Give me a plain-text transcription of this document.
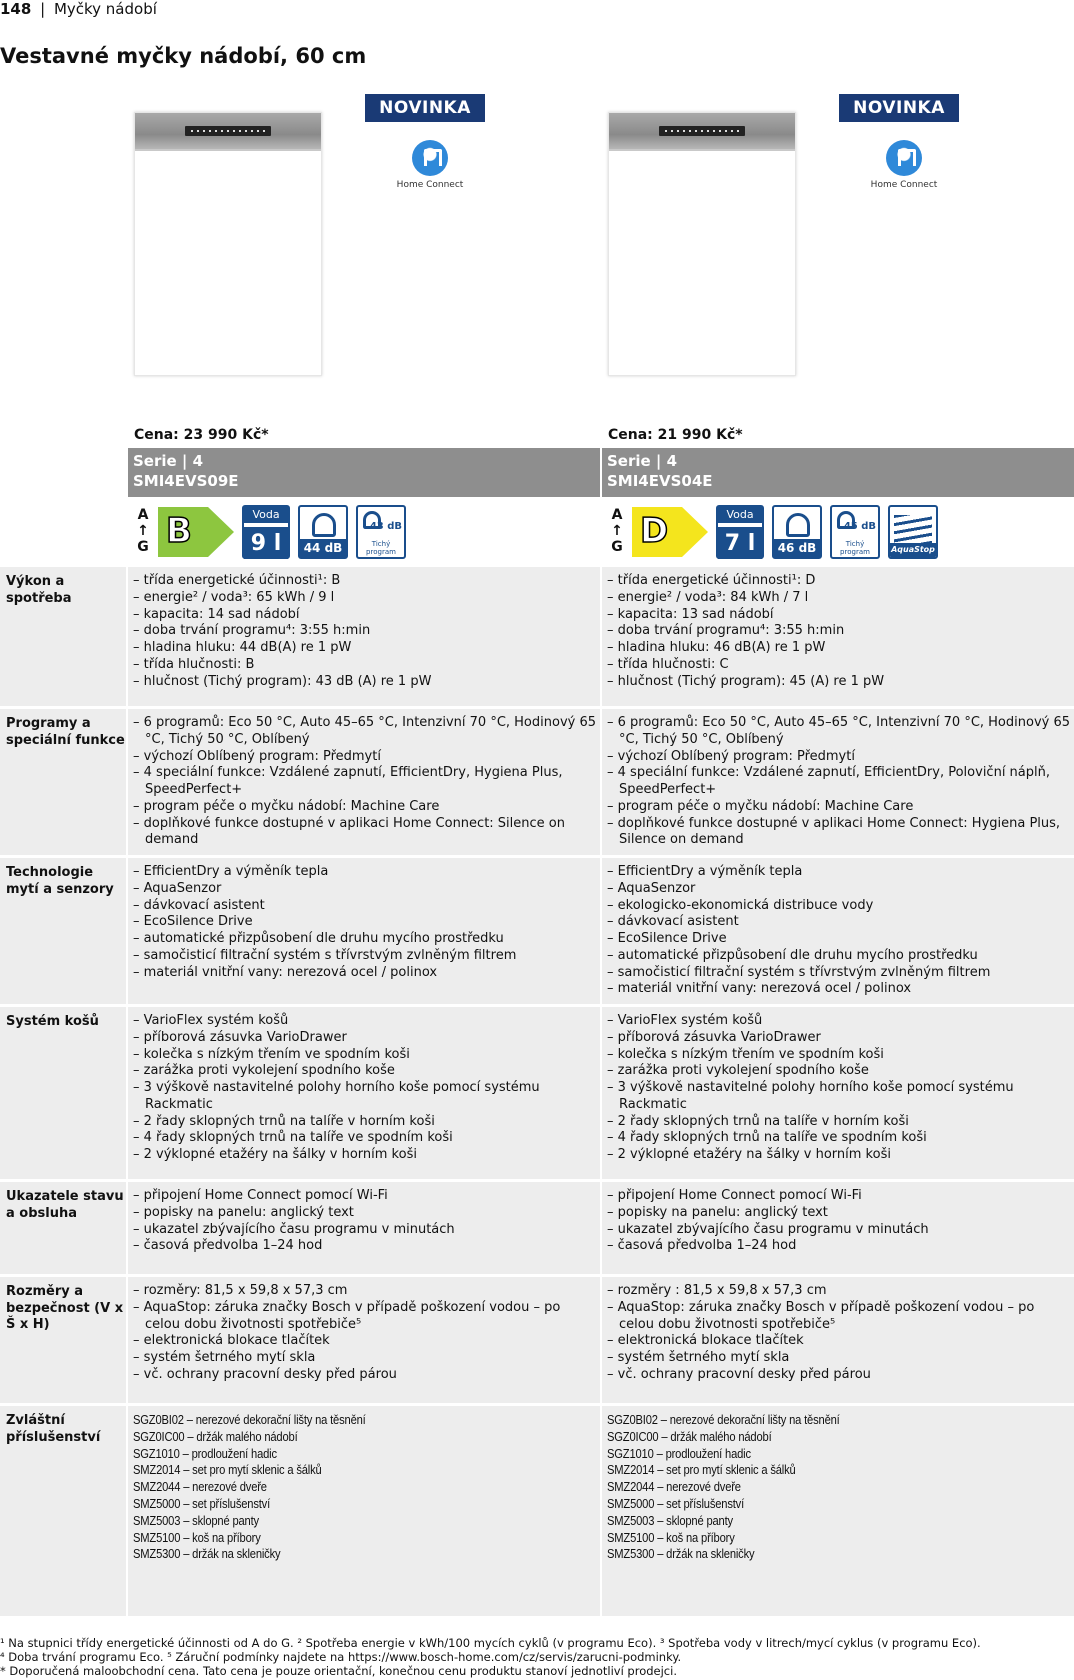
148 | Myčky nádobí
Vestavné myčky nádobí, 60 cm
NOVINKA
Home Connect
NOVINKA
Home Connect
Cena: 23 990 Kč*	Cena: 21 990 Kč*
Serie | 4
SMI4EVS09E
Serie | 4
SMI4EVS04E
A
↑
G B	Voda
9 l	44 dB
43 dB
Tichý program
A
↑
G D	Voda
7 l	46 dB
45 dB
Tichý program	AquaStop
Výkon a spotřeba
– třída energetické účinnosti¹: B
– energie² / voda³: 65 kWh / 9 l
– kapacita: 14 sad nádobí
– doba trvání programu⁴: 3:55 h:min
– hladina hluku: 44 dB(A) re 1 pW
– třída hlučnosti: B
– hlučnost (Tichý program): 43 dB (A) re 1 pW
– třída energetické účinnosti¹: D
– energie² / voda³: 84 kWh / 7 l
– kapacita: 13 sad nádobí
– doba trvání programu⁴: 3:55 h:min
– hladina hluku: 46 dB(A) re 1 pW
– třída hlučnosti: C
– hlučnost (Tichý program): 45 (A) re 1 pW
Programy a speciální funkce
– 6 programů: Eco 50 °C, Auto 45–65 °C, Intenzivní 70 °C, Hodinový 65 °C, Tichý 50 °C, Oblíbený
– výchozí Oblíbený program: Předmytí
– 4 speciální funkce: Vzdálené zapnutí, EfficientDry, Hygiena Plus, SpeedPerfect+
– program péče o myčku nádobí: Machine Care
– doplňkové funkce dostupné v aplikaci Home Connect: Silence on demand
– 6 programů: Eco 50 °C, Auto 45–65 °C, Intenzivní 70 °C, Hodinový 65 °C, Tichý 50 °C, Oblíbený
– výchozí Oblíbený program: Předmytí
– 4 speciální funkce: Vzdálené zapnutí, EfficientDry, Poloviční náplň, SpeedPerfect+
– program péče o myčku nádobí: Machine Care
– doplňkové funkce dostupné v aplikaci Home Connect: Hygiena Plus, Silence on demand
Technologie mytí a senzory
– EfficientDry a výměník tepla
– AquaSenzor
– dávkovací asistent
– EcoSilence Drive
– automatické přizpůsobení dle druhu mycího prostředku
– samočisticí filtrační systém s třívrstvým zvlněným filtrem
– materiál vnitřní vany: nerezová ocel / polinox
– EfficientDry a výměník tepla
– AquaSenzor
– ekologicko-ekonomická distribuce vody
– dávkovací asistent
– EcoSilence Drive
– automatické přizpůsobení dle druhu mycího prostředku
– samočisticí filtrační systém s třívrstvým zvlněným filtrem
– materiál vnitřní vany: nerezová ocel / polinox
Systém košů
–	VarioFlex systém košů
– příborová zásuvka VarioDrawer
– kolečka s nízkým třením ve spodním koši
– zarážka proti vykolejení spodního koše
– 3 výškově nastavitelné polohy horního koše pomocí systému Rackmatic
– 2 řady sklopných trnů na talíře v horním koši
– 4 řady sklopných trnů na talíře ve spodním koši
– 2 výklopné etažéry na šálky v horním koši
– VarioFlex systém košů
– příborová zásuvka VarioDrawer
– kolečka s nízkým třením ve spodním koši
– zarážka proti vykolejení spodního koše
– 3 výškově nastavitelné polohy horního koše pomocí systému Rackmatic
– 2 řady sklopných trnů na talíře v horním koši
– 4 řady sklopných trnů na talíře ve spodním koši
– 2 výklopné etažéry na šálky v horním koši
Ukazatele stavu a obsluha
– připojení Home Connect pomocí Wi-Fi
– popisky na panelu: anglický text
– ukazatel zbývajícího času programu v minutách
– časová předvolba 1–24 hod
– připojení Home Connect pomocí Wi-Fi
– popisky na panelu: anglický text
– ukazatel zbývajícího času programu v minutách
– časová předvolba 1–24 hod
Rozměry a bezpečnost (V x Š x H)
– rozměry: 81,5 x 59,8 x 57,3 cm
– AquaStop: záruka značky Bosch v případě poškození vodou – po celou dobu životnosti spotřebiče⁵
– elektronická blokace tlačítek
– systém šetrného mytí skla
– vč. ochrany pracovní desky před párou
– rozměry : 81,5 x 59,8 x 57,3 cm
– AquaStop: záruka značky Bosch v případě poškození vodou – po celou dobu životnosti spotřebiče⁵
– elektronická blokace tlačítek
– systém šetrného mytí skla
– vč. ochrany pracovní desky před párou
Zvláštní příslušenství
SGZ0BI02 – nerezové dekorační lišty na těsnění
SGZ0IC00 – držák malého nádobí
SGZ1010 – prodloužení hadic
SMZ2014 – set pro mytí sklenic a šálků
SMZ2044 – nerezové dveře
SMZ5000 – set příslušenství
SMZ5003 – sklopné panty
SMZ5100 – koš na příbory
SMZ5300 – držák na skleničky
SGZ0BI02 – nerezové dekorační lišty na těsnění
SGZ0IC00 – držák malého nádobí
SGZ1010 – prodloužení hadic
SMZ2014 – set pro mytí sklenic a šálků
SMZ2044 – nerezové dveře
SMZ5000 – set příslušenství
SMZ5003 – sklopné panty
SMZ5100 – koš na příbory
SMZ5300 – držák na skleničky
¹ Na stupnici třídy energetické účinnosti od A do G. ² Spotřeba energie v kWh/100 mycích cyklů (v programu Eco). ³ Spotřeba vody v litrech/mycí cyklus (v programu Eco).
⁴ Doba trvání programu Eco. ⁵ Záruční podmínky najdete na https://www.bosch-home.com/cz/servis/zarucni-podminky.
* Doporučená maloobchodní cena. Tato cena je pouze orientační, konečnou cenu produktu stanoví jednotliví prodejci.
